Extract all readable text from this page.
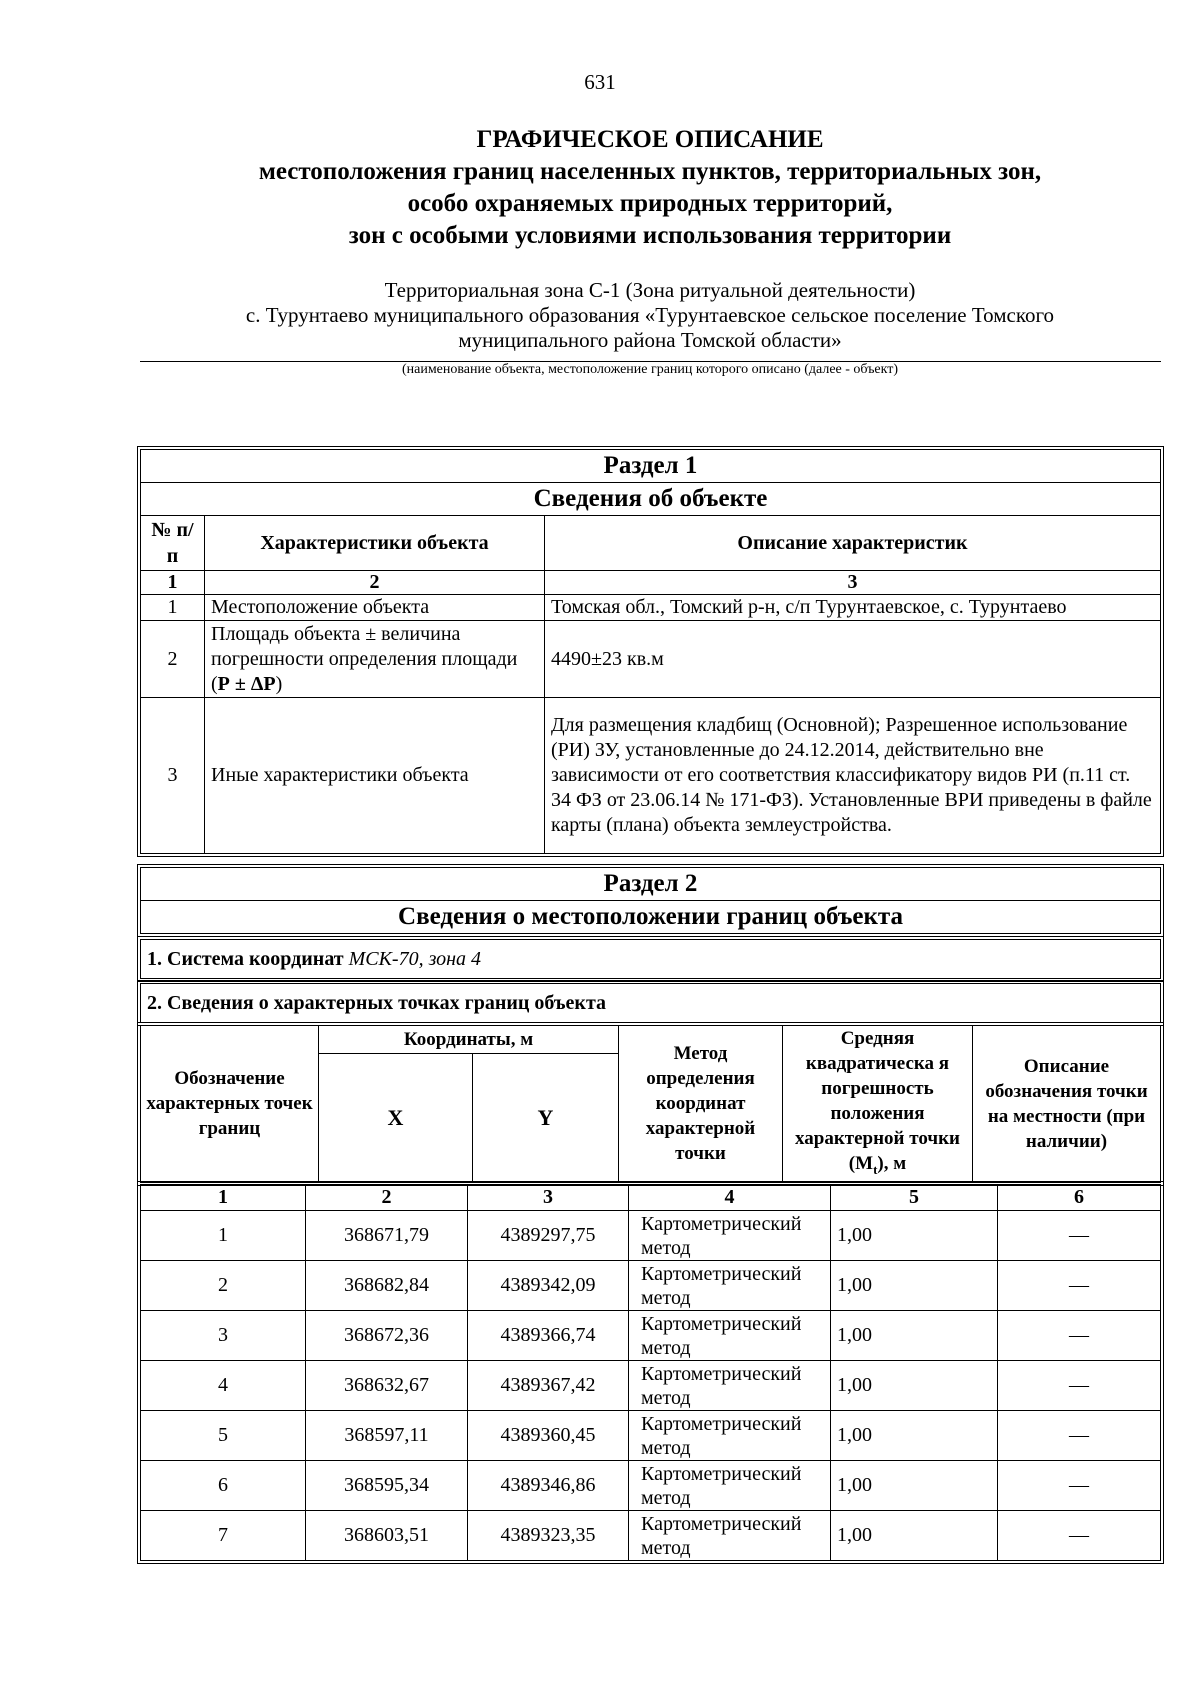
631
ГРАФИЧЕСКОЕ ОПИСАНИЕ
местоположения границ населенных пунктов, территориальных зон,
особо охраняемых природных территорий,
зон с особыми условиями использования территории
Территориальная зона С-1 (Зона ритуальной деятельности)
с. Турунтаево муниципального образования «Турунтаевское сельское поселение Томского
муниципального района Томской области»
(наименование объекта, местоположение границ которого описано (далее - объект)
Раздел 1		
Сведения об объекте		
№ п/п	Характеристики объекта	Описание характеристик
1	2	3
1	Местоположение объекта	Томская обл., Томский р-н, с/п Турунтаевское, с. Турунтаево
2	Площадь объекта ± величина погрешности определения площади (Р ± ΔР)	4490±23 кв.м
3	Иные характеристики объекта	Для размещения кладбищ (Основной); Разрешенное использование (РИ) ЗУ, установленные до 24.12.2014, действительно вне зависимости от его соответствия классификатору видов РИ (п.11 ст. 34 ФЗ от 23.06.14 № 171-ФЗ). Установленные ВРИ приведены в файле карты (плана) объекта землеустройства.
Раздел 2
Сведения о местоположении границ объекта
1. Система координат МСК-70, зона 4
2. Сведения о характерных точках границ объекта
Обозначение характерных точек границ	Координаты, м		Метод определения координат характерной точки	Средняя квадратическа я погрешность положения характерной точки $(M_t)$, м	Описание обозначения точки на местности (при наличии)
	X	Y			
1	2	3	4	5	6
1	368671,79	4389297,75	Картометрический метод	1,00	—
2	368682,84	4389342,09	Картометрический метод	1,00	—
3	368672,36	4389366,74	Картометрический метод	1,00	—
4	368632,67	4389367,42	Картометрический метод	1,00	—
5	368597,11	4389360,45	Картометрический метод	1,00	—
6	368595,34	4389346,86	Картометрический метод	1,00	—
7	368603,51	4389323,35	Картометрический метод	1,00	—
